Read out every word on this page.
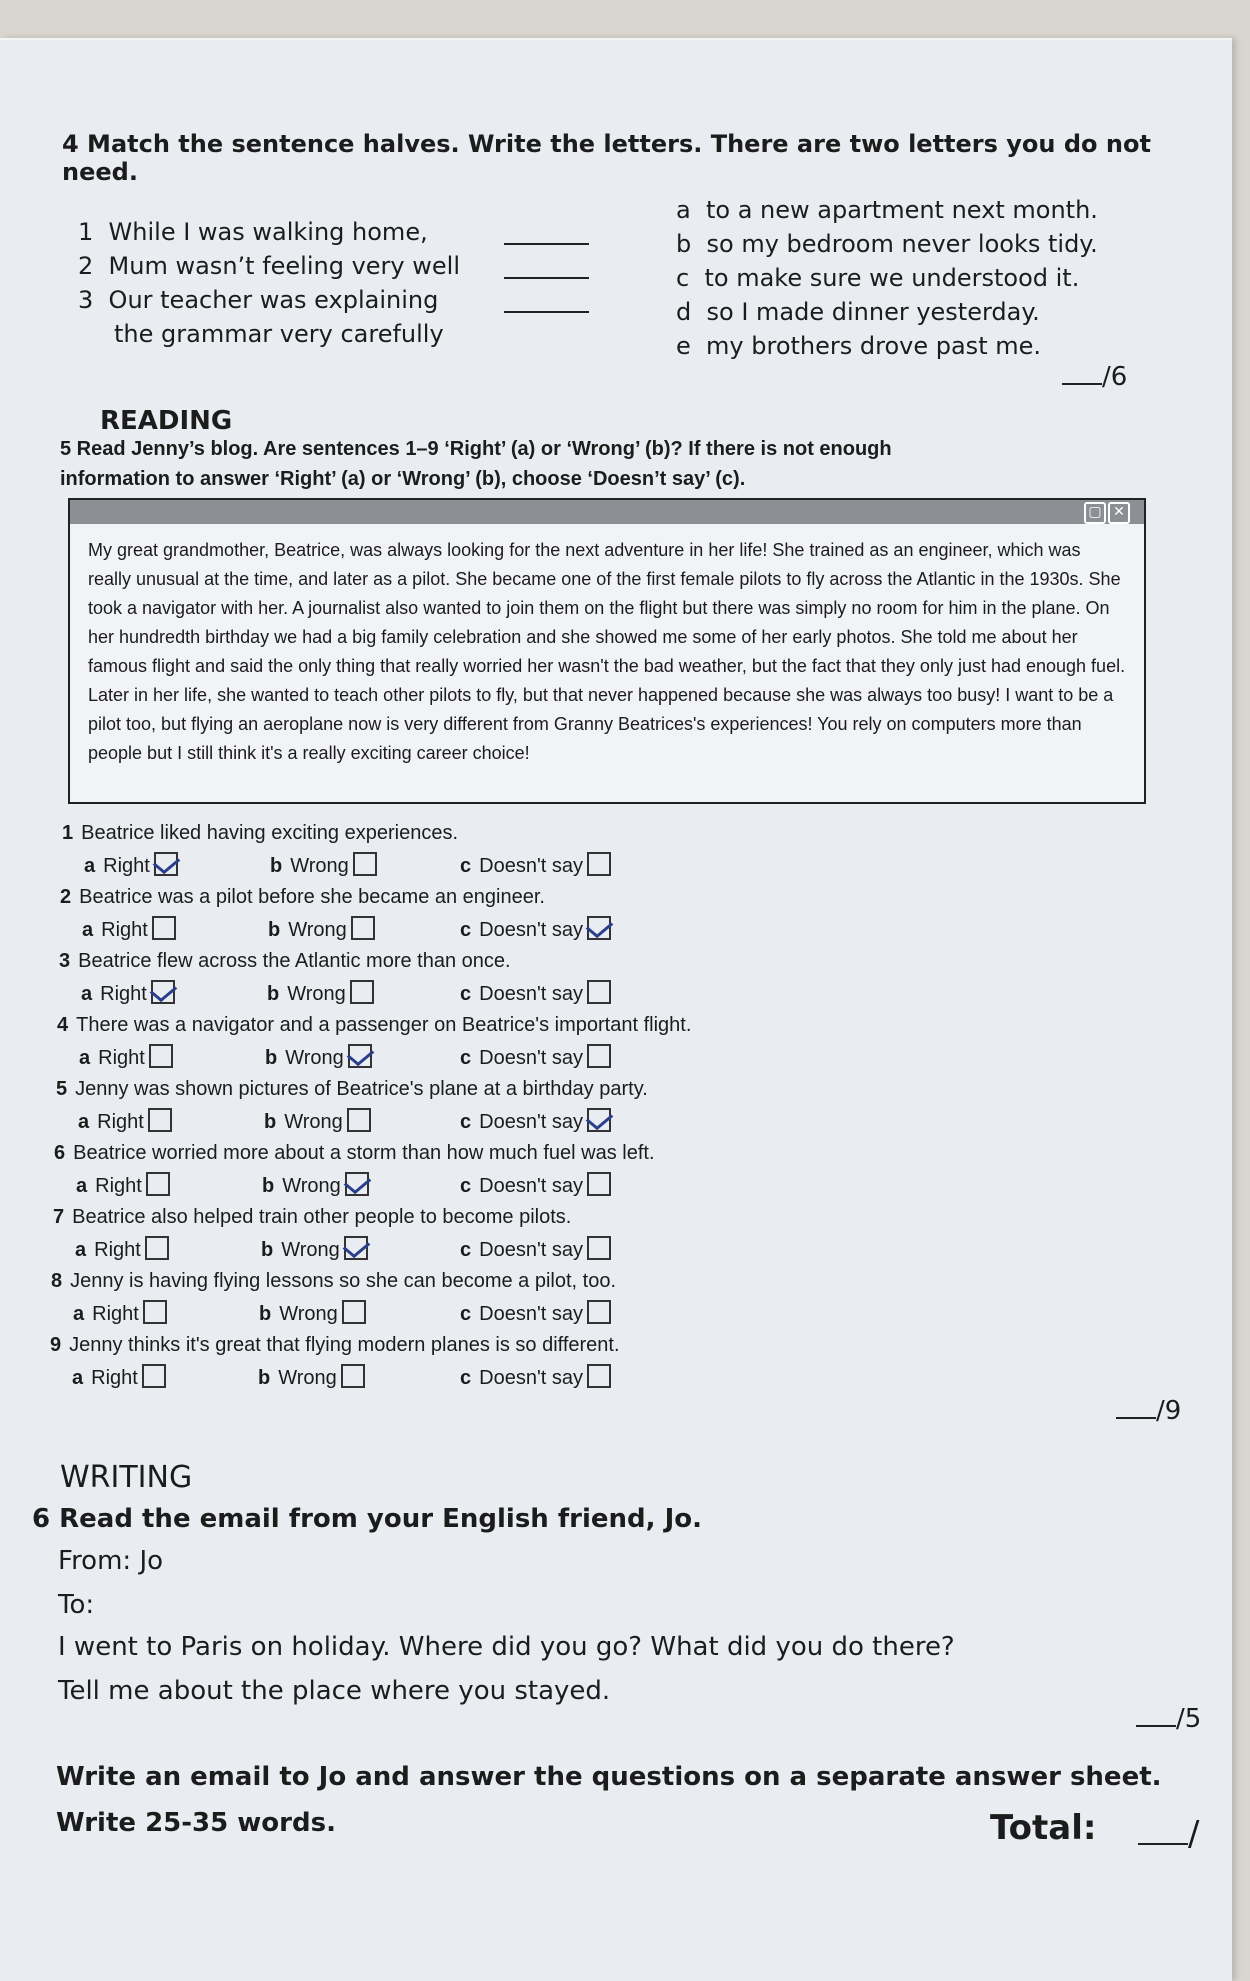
4 Match the sentence halves. Write the letters. There are two letters you do not need.
1 While I was walking home,
2 Mum wasn’t feeling very well
3 Our teacher was explaining
the grammar very carefully
a to a new apartment next month.
b so my bedroom never looks tidy.
c to make sure we understood it.
d so I made dinner yesterday.
e my brothers drove past me.
/6
READING
5 Read Jenny’s blog. Are sentences 1–9 ‘Right’ (a) or ‘Wrong’ (b)? If there is not enough information to answer ‘Right’ (a) or ‘Wrong’ (b), choose ‘Doesn’t say’ (c).
▢ ✕
My great grandmother, Beatrice, was always looking for the next adventure in her life! She trained as an engineer, which was really unusual at the time, and later as a pilot. She became one of the first female pilots to fly across the Atlantic in the 1930s. She took a navigator with her. A journalist also wanted to join them on the flight but there was simply no room for him in the plane. On her hundredth birthday we had a big family celebration and she showed me some of her early photos. She told me about her famous flight and said the only thing that really worried her wasn't the bad weather, but the fact that they only just had enough fuel. Later in her life, she wanted to teach other pilots to fly, but that never happened because she was always too busy! I want to be a pilot too, but flying an aeroplane now is very different from Granny Beatrices's experiences! You rely on computers more than people but I still think it's a really exciting career choice!
1 Beatrice liked having exciting experiences.
a Right	b Wrong	c Doesn't say
2 Beatrice was a pilot before she became an engineer.
a Right	b Wrong	c Doesn't say
3 Beatrice flew across the Atlantic more than once.
a Right	b Wrong	c Doesn't say
4 There was a navigator and a passenger on Beatrice's important flight.
a Right	b Wrong	c Doesn't say
5 Jenny was shown pictures of Beatrice's plane at a birthday party.
a Right	b Wrong	c Doesn't say
6 Beatrice worried more about a storm than how much fuel was left.
a Right	b Wrong	c Doesn't say
7 Beatrice also helped train other people to become pilots.
a Right	b Wrong	c Doesn't say
8 Jenny is having flying lessons so she can become a pilot, too.
a Right	b Wrong	c Doesn't say
9 Jenny thinks it's great that flying modern planes is so different.
a Right	b Wrong	c Doesn't say
/9
WRITING
6 Read the email from your English friend, Jo.
From: Jo
To:
I went to Paris on holiday. Where did you go? What did you do there?
Tell me about the place where you stayed.
/5
Write an email to Jo and answer the questions on a separate answer sheet.
Write 25-35 words.	Total:	/
